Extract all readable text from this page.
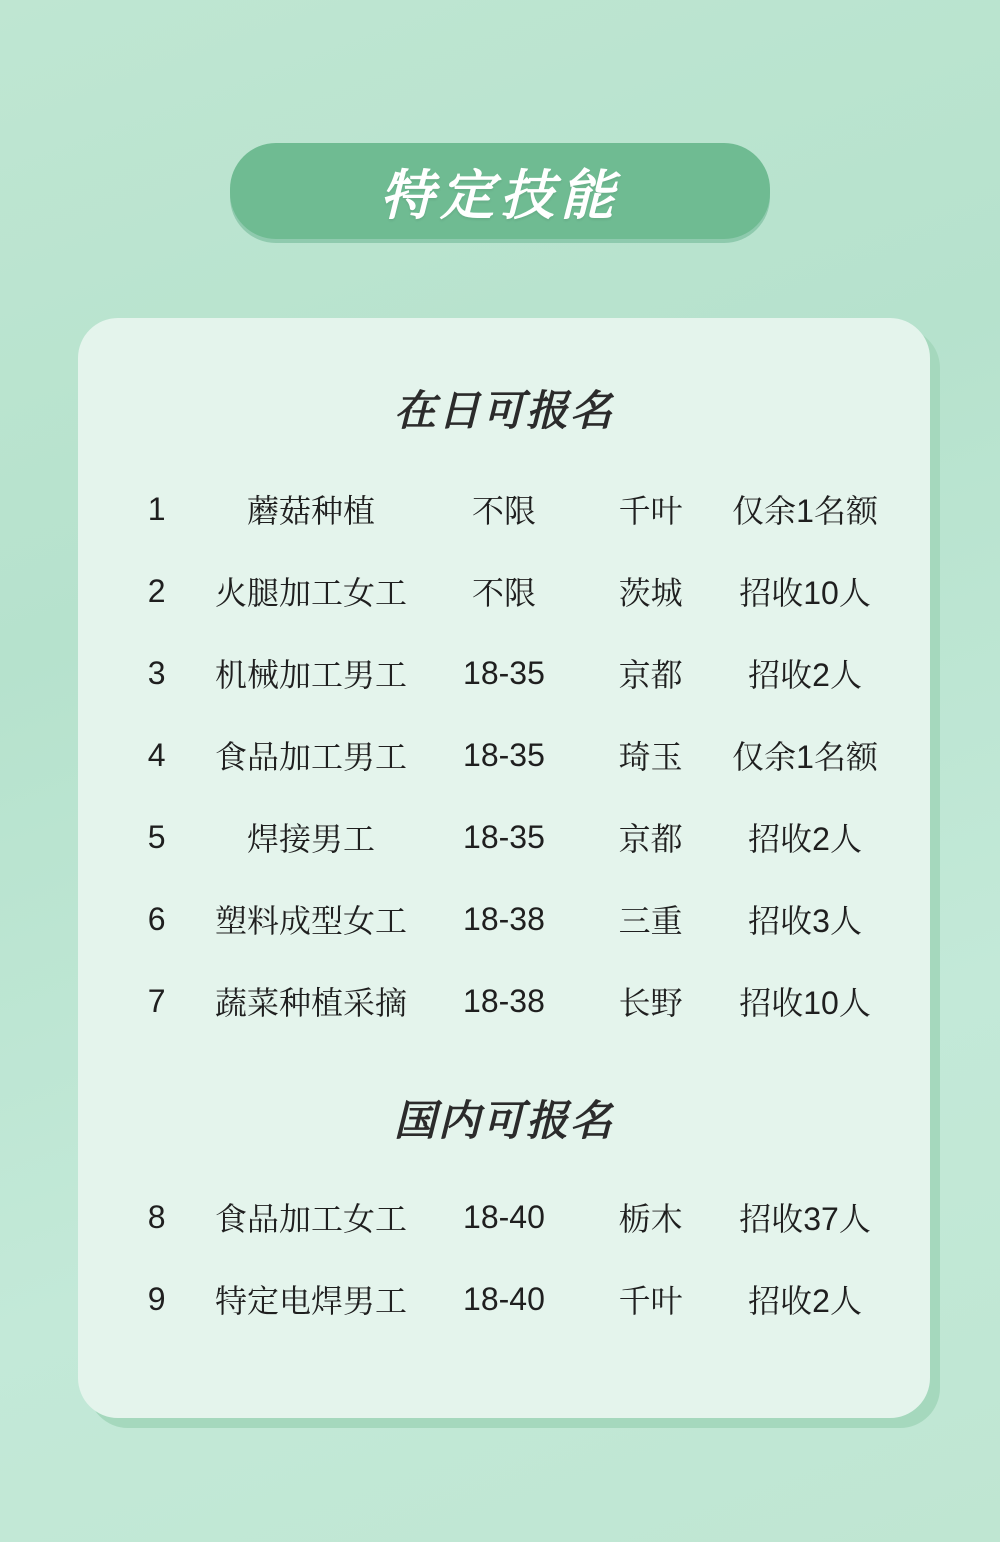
特定技能
在日可报名
1	蘑菇种植	不限	千叶	仅余1名额
2	火腿加工女工	不限	茨城	招收10人
3	机械加工男工	18-35	京都	招收2人
4	食品加工男工	18-35	琦玉	仅余1名额
5	焊接男工	18-35	京都	招收2人
6	塑料成型女工	18-38	三重	招收3人
7	蔬菜种植采摘	18-38	长野	招收10人
国内可报名
8	食品加工女工	18-40	栃木	招收37人
9	特定电焊男工	18-40	千叶	招收2人
